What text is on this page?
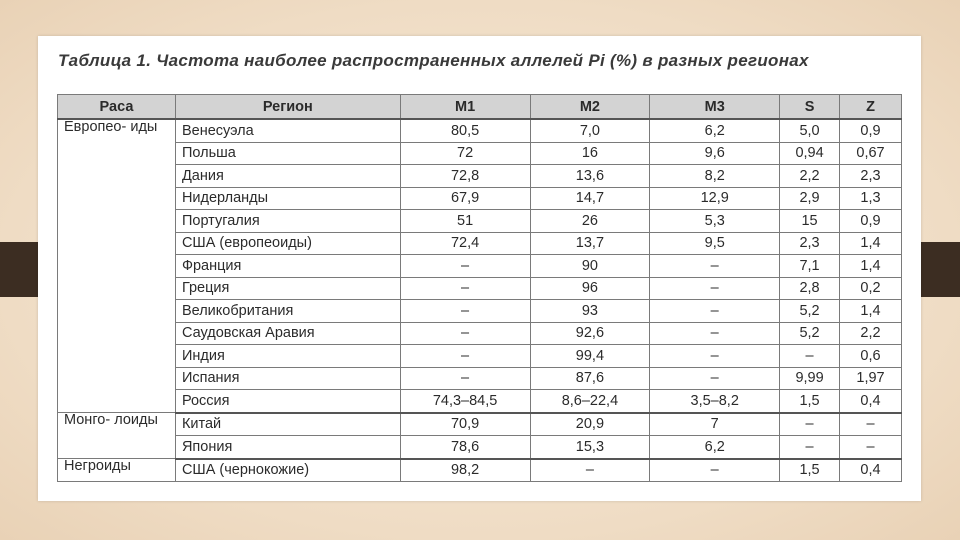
Таблица 1. Частота наиболее распространенных аллелей Pi (%) в разных регионах
Раса	Регион	M1	M2	M3	S	Z
Европео- иды	Венесуэла	80,5	7,0	6,2	5,0	0,9
	Польша	72	16	9,6	0,94	0,67
	Дания	72,8	13,6	8,2	2,2	2,3
	Нидерланды	67,9	14,7	12,9	2,9	1,3
	Португалия	51	26	5,3	15	0,9
	США (европеоиды)	72,4	13,7	9,5	2,3	1,4
	Франция	–	90	–	7,1	1,4
	Греция	–	96	–	2,8	0,2
	Великобритания	–	93	–	5,2	1,4
	Саудовская Аравия	–	92,6	–	5,2	2,2
	Индия	–	99,4	–	–	0,6
	Испания	–	87,6	–	9,99	1,97
	Россия	74,3–84,5	8,6–22,4	3,5–8,2	1,5	0,4
Монго- лоиды	Китай	70,9	20,9	7	–	–
	Япония	78,6	15,3	6,2	–	–
Негроиды	США (чернокожие)	98,2	–	–	1,5	0,4
